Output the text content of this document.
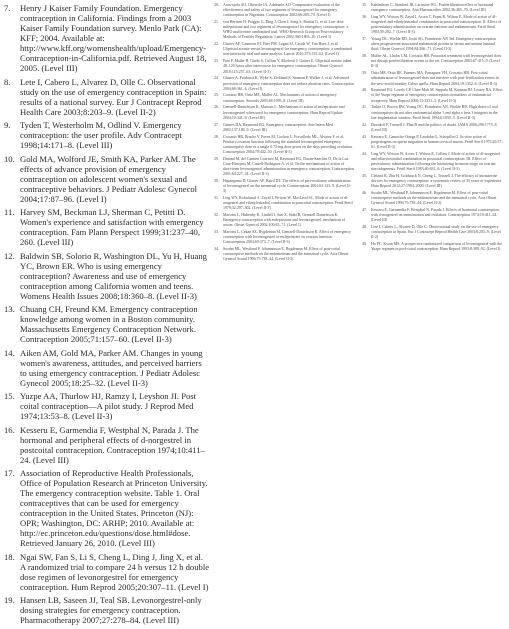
7. Henry J Kaiser Family Foundation. Emergency contraception in California. Findings from a 2003 Kaiser Family Foundation survey. Menlo Park (CA): KFF; 2004. Available at: http://www.kff.org/womenshealth/upload/Emergency-Contraception-in-California.pdf. Retrieved August 18, 2005. (Level III)
8. Lete I, Cabero L, Alvarez D, Olle C. Observational study on the use of emergency contraception in Spain: results of a national survey. Eur J Contracept Reprod Health Care 2003;8:203–9. (Level II-2)
9. Tyden T, Westerholm M, Odlind V. Emergency contraception: the user profile. Adv Contracept 1998;14:171–8. (Level III)
10. Gold MA, Wolford JE, Smith KA, Parker AM. The effects of advance provision of emergency contraception on adolescent women's sexual and contraceptive behaviors. J Pediatr Adolesc Gynecol 2004;17:87–96. (Level I)
11. Harvey SM, Beckman LJ, Sherman C, Petitti D. Women's experience and satisfaction with emergency contraception. Fam Plann Perspect 1999;31:237–40, 260. (Level III)
12. Baldwin SB, Solorio R, Washington DL, Yu H, Huang YC, Brown ER. Who is using emergency contraception? Awareness and use of emergency contraception among California women and teens. Womens Health Issues 2008;18:360–8. (Level II-3)
13. Chuang CH, Freund KM. Emergency contraception knowledge among women in a Boston community. Massachusetts Emergency Contraception Network. Contraception 2005;71:157–60. (Level II-3)
14. Aiken AM, Gold MA, Parker AM. Changes in young women's awareness, attitudes, and perceived barriers to using emergency contraception. J Pediatr Adolesc Gynecol 2005;18:25–32. (Level II-3)
15. Yuzpe AA, Thurlow HJ, Ramzy I, Leyshon JI. Post coital contraception—A pilot study. J Reprod Med 1974;13:53–8. (Level II-3)
16. Kesseru E, Garmendia F, Westphal N, Parada J. The hormonal and peripheral effects of d-norgestrel in postcoital contraception. Contraception 1974;10:411–24. (Level III)
17. Association of Reproductive Health Professionals, Office of Population Research at Princeton University. The emergency contraception website. Table 1. Oral contraceptives that can be used for emergency contraception in the United States. Princeton (NJ): OPR; Washington, DC: ARHP; 2010. Available at: http://ec.princeton.edu/questions/dose.html#dose. Retrieved January 26, 2010. (Level III)
18. Ngai SW, Fan S, Li S, Cheng L, Ding J, Jing X, et al. A randomized trial to compare 24 h versus 12 h double dose regimen of levonorgestrel for emergency contraception. Hum Reprod 2005;20:307–11. (Level I)
19. Hansen LB, Saseen JJ, Teal SB. Levonorgestrel-only dosing strategies for emergency contraception. Pharmacotherapy 2007;27:278–84. (Level III)
20. Arowojolu AO, Okewole IA, Adekunle AO. Comparative evaluation of the effectiveness and safety of two regimens of levonorgestrel for emergency contraception in Nigerians. Contraception 2002;66:269–73. (Level I)
21. von Hertzen H, Piaggio G, Ding J, Chen J, Song S, Bartfai G, et al. Low dose mifepristone and two regimens of levonorgestrel for emergency contraception: a WHO multicentre randomised trial. WHO Research Group on Post-ovulatory Methods of Fertility Regulation. Lancet 2002;360:1803–10. (Level I)
22. Glasier AF, Cameron ST, Fine PM, Logan SJ, Casale W, Van Horn J, et al. Ulipristal acetate versus levonorgestrel for emergency contraception: a randomised non-inferiority trial and meta-analysis. Lancet 2010;375:555–62. (Level I)
23. Fine P, Mathe H, Ginde S, Cullins V, Morfesis J, Gainer E. Ulipristal acetate taken 48–120 hours after intercourse for emergency contraception. Obstet Gynecol 2010;115:257–63. (Level II-3)
24. Glasier A, Fairhurst K, Wyke S, Ziebland S, Seaman P, Walker J, et al. Advanced provision of emergency contraception does not reduce abortion rates. Contraception 2004;69:361–6. (Level I)
25. Croxatto HB, Ortiz ME, Muller AL. Mechanisms of action of emergency contraception. Steroids 2003;68:1095–8. (Level III)
26. Gemzell-Danielsson K, Marions L. Mechanisms of action of mifepristone and levonorgestrel when used for emergency contraception. Hum Reprod Update 2004;10:341–8. (Level III)
27. Grimes DA, Raymond EG. Emergency contraception. Ann Intern Med 2002;137:180–9. (Level III)
28. Croxatto HB, Brache V, Pavez M, Cochon L, Forcelledo ML, Alvarez F, et al. Pituitary–ovarian function following the standard levonorgestrel emergency contraceptive dose or a single 0.75-mg dose given on the days preceding ovulation. Contraception 2004;70:442–50. (Level II-3)
29. Durand M, del Carmen Cravioto M, Raymond EG, Duran-Sanchez O, De la Luz Cruz-Hinojosa M, Castell-Rodriguez A, et al. On the mechanisms of action of short-term levonorgestrel administration in emergency contraception. Contraception 2001;64:227–34. (Level II-3)
30. Hapangama D, Glasier AF, Baird DT. The effects of peri-ovulatory administration of levonorgestrel on the menstrual cycle. Contraception 2001;63:123–9. (Level II-3)
31. Ling WY, Robichaud A, Zayid I, Wrixon W, MacLeod SC. Mode of action of dl-norgestrel and ethinylestradiol combination in postcoital contraception. Fertil Steril 1979;32:297–302. (Level II-3)
32. Marions L, Hultenby K, Lindell I, Sun X, Stabi B, Gemzell Danielsson K. Emergency contraception with mifepristone and levonorgestrel: mechanism of action. Obstet Gynecol 2002;100:65–71. (Level I)
33. Marions L, Cekan SZ, Bygdeman M, Gemzell-Danielsson K. Effect of emergency contraception with levonorgestrel or mifepristone on ovarian function. Contraception 2004;69:373–7. (Level II-3)
34. Swahn ML, Westlund P, Johannisson E, Bygdeman M. Effect of post-coital contraceptive methods on the endometrium and the menstrual cycle. Acta Obstet Gynecol Scand 1996;75:738–44. (Level II-2)
35. Kahlenborn C, Stanford JB, Larimore WL. Postfertilization effect of hormonal emergency contraception. Ann Pharmacother 2002;36:465–70. (Level III)
36. Ling WY, Wrixon W, Zayid I, Acorn T, Popat R, Wilson E. Mode of action of dl-norgestrel and ethinylestradiol combination in postcoital contraception. II. Effect of postovulatory administration on ovarian function and endometrium. Fertil Steril 1983;39:292–7. (Level II-3)
37. Young DC, Wiehle RD, Joshi SG, Poindexter AN 3rd. Emergency contraception alters progesterone-associated endometrial protein in serum and uterine luminal fluid. Obstet Gynecol 1994;84:266–71. (Level II-3)
38. Muller AL, Llados CM, Croxatto HB. Postcoital treatment with levonorgestrel does not disrupt postfertilization events in the rat. Contraception 2003;67:415–9. (Level II-3)
39. Ortiz ME, Ortiz RE, Fuentes MA, Parraguez VH, Croxatto HB. Post-coital administration of levonorgestrel does not interfere with post-fertilization events in the new-world monkey Cebus apella. Hum Reprod 2004;19:1352–6. (Level II-3)
40. Raymond EG, Lovely LP, Chen-Mok M, Seppala M, Kurman RJ, Lessey BA. Effect of the Yuzpe regimen of emergency contraception on markers of endometrial receptivity. Hum Reprod 2000;15:2351–5. (Level II-3)
41. Taskin O, Brown RW, Young DC, Poindexter AN, Wiehle RD. High doses of oral contraceptives do not alter endometrial alpha 1 and alpha v beta 3 integrins in the late implantation window. Fertil Steril 1994;61:850–5. (Level II-3)
42. Davidoff F, Trussell J. Plan B and the politics of doubt. JAMA 2006;296:1775–8. (Level III)
43. Kesseru E, Camacho-Ortega P, Laudahn G, Schopflin G. In vitro action of progestogens on sperm migration in human cervical mucus. Fertil Steril 1975;26:57–61. (Level II-3)
44. Ling WY, Wrixon W, Acorn T, Wilson E, Collins J. Mode of action of dl-norgestrel and ethinylestradiol combination in postcoital contraception. III. Effect of preovulatory administration following the luteinizing hormone surge on ovarian steroidogenesis. Fertil Steril 1983;40:631–6. (Level II-3)
45. Cleland K, Zhu H, Goldstuck N, Cheng L, Trussell J. The efficacy of intrauterine devices for emergency contraception: a systematic review of 35 years of experience. Hum Reprod 2012;27:1994–2000. (Level III)
46. Swahn ML, Westlund P, Johannisson E, Bygdeman M. Effect of post-coital contraceptive methods on the endometrium and the menstrual cycle. Acta Obstet Gynecol Scand 1996;75:738–44. (Level II-2)
47. Kesseru E, Garmendia F, Westphal N, Parada J. Effects of hormonal contraception with d-norgestrel on menstruation and ovulation. Contraception 1974;10:411–24. (Level III)
48. Lete I, Cabero L, Alvarez D, Olle C. Observational study on the use of emergency contraception in Spain. Eur J Contracept Reprod Health Care 2003;8:203–9. (Level II-2)
49. Ho PC, Kwan MS. A prospective randomized comparison of levonorgestrel with the Yuzpe regimen in post-coital contraception. Hum Reprod 1993;8:389–92. (Level I)
